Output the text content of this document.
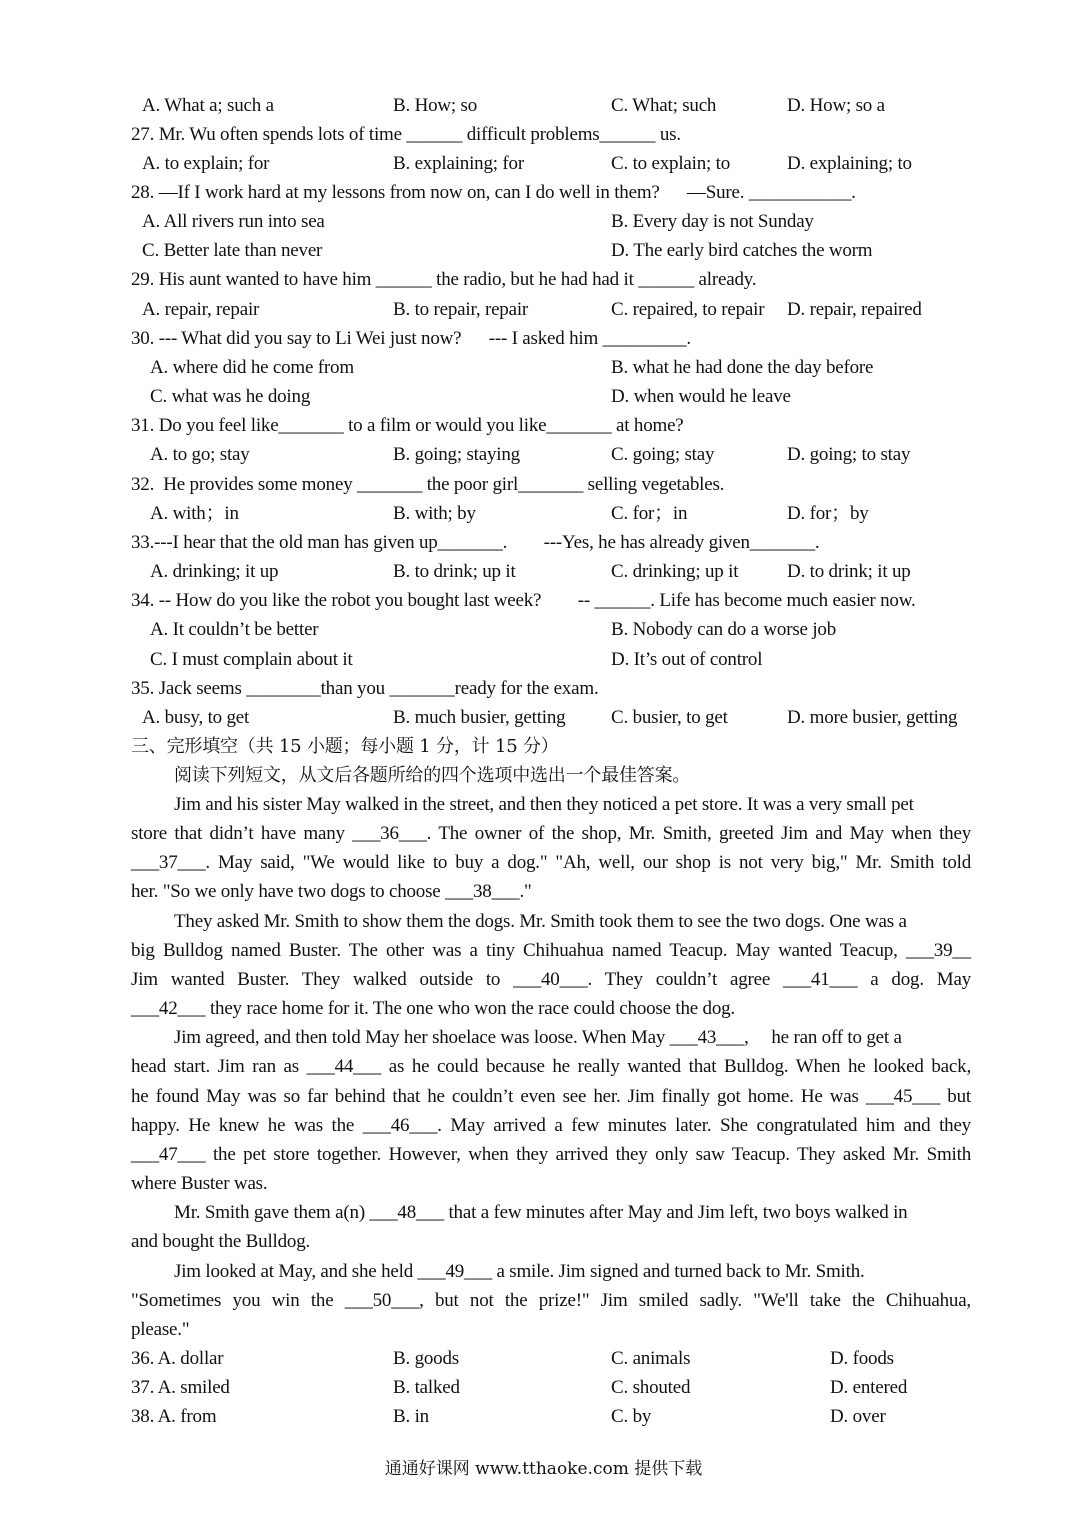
A. What a; such a	B. How; so	C. What; such	D. How; so a
27. Mr. Wu often spends lots of time ______ difficult problems______ us.
A. to explain; for	B. explaining; for	C. to explain; to	D. explaining; to
28. —If I work hard at my lessons from now on, can I do well in them?      —Sure. ___________.
A. All rivers run into sea	B. Every day is not Sunday
C. Better late than never	D. The early bird catches the worm
29. His aunt wanted to have him ______ the radio, but he had had it ______ already.
A. repair, repair	B. to repair, repair	C. repaired, to repair D. repair, repaired
30. --- What did you say to Li Wei just now?      --- I asked him _________.
A. where did he come from	B. what he had done the day before
C. what was he doing	D. when would he leave
31. Do you feel like_______ to a film or would you like_______ at home?
A. to go; stay	B. going; staying	C. going; stay	D. going; to stay
32.  He provides some money _______ the poor girl_______ selling vegetables.
A. with；in	B. with; by	C. for；in	D. for；by
33.---I hear that the old man has given up_______.        ---Yes, he has already given_______.
A. drinking; it up	B. to drink; up it	C. drinking; up it	D. to drink; it up
34. -- How do you like the robot you bought last week?        -- ______. Life has become much easier now.
A. It couldn’t be better	B. Nobody can do a worse job
C. I must complain about it	D. It’s out of control
35. Jack seems ________than you _______ready for the exam.
A. busy, to get	B. much busier, getting C. busier, to get	D. more busier, getting
三、完形填空（共 15 小题；每小题 1 分，计 15 分）
阅读下列短文，从文后各题所给的四个选项中选出一个最佳答案。
Jim and his sister May walked in the street, and then they noticed a pet store. It was a very small pet
store that didn’t have many ___36___. The owner of the shop, Mr. Smith, greeted Jim and May when they
___37___. May said, "We would like to buy a dog." "Ah, well, our shop is not very big," Mr. Smith told
her. "So we only have two dogs to choose ___38___."
They asked Mr. Smith to show them the dogs. Mr. Smith took them to see the two dogs. One was a
big Bulldog named Buster. The other was a tiny Chihuahua named Teacup. May wanted Teacup, ___39__
Jim wanted Buster. They walked outside to ___40___. They couldn’t agree ___41___ a dog. May
___42___ they race home for it. The one who won the race could choose the dog.
Jim agreed, and then told May her shoelace was loose. When May ___43___,     he ran off to get a
head start. Jim ran as ___44___ as he could because he really wanted that Bulldog. When he looked back,
he found May was so far behind that he couldn’t even see her. Jim finally got home. He was ___45___ but
happy. He knew he was the ___46___. May arrived a few minutes later. She congratulated him and they
___47___ the pet store together. However, when they arrived they only saw Teacup. They asked Mr. Smith
where Buster was.
Mr. Smith gave them a(n) ___48___ that a few minutes after May and Jim left, two boys walked in
and bought the Bulldog.
Jim looked at May, and she held ___49___ a smile. Jim signed and turned back to Mr. Smith.
"Sometimes you win the ___50___, but not the prize!" Jim smiled sadly. "We'll take the Chihuahua,
please."
36. A. dollar	B. goods	C. animals	D. foods
37. A. smiled	B. talked	C. shouted	D. entered
38. A. from	B. in	C. by	D. over
通通好课网 www.tthaoke.com 提供下载
